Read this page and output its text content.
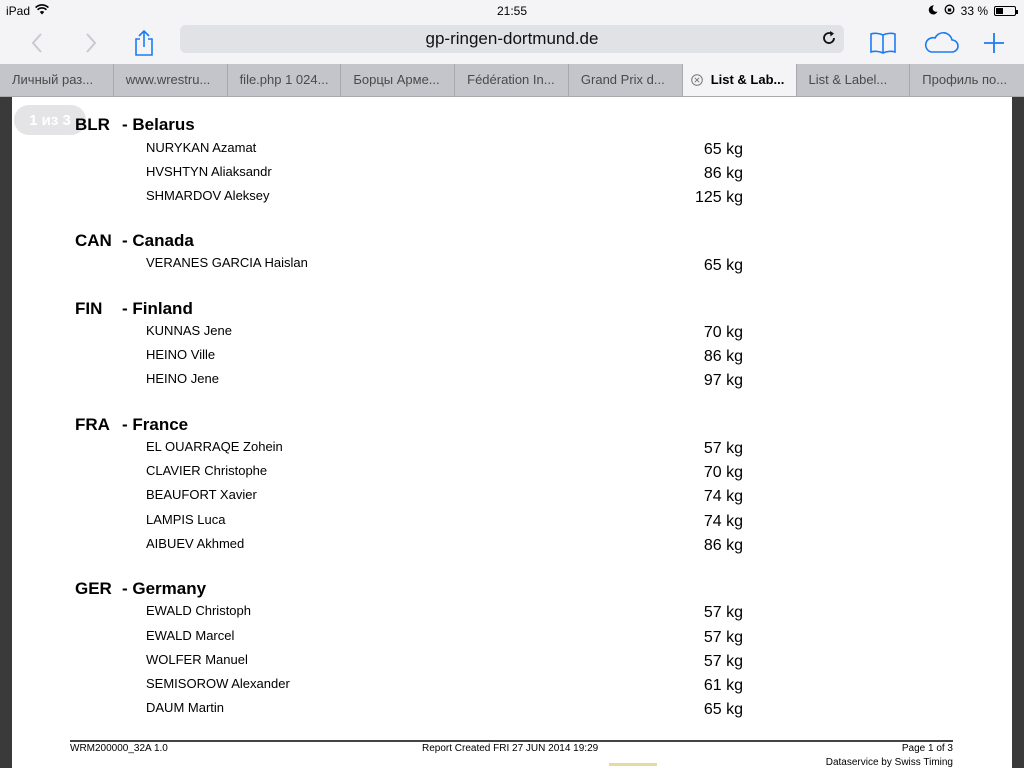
iPad	21:55	33 %
gp-ringen-dortmund.de
Личный раз...	www.wrestru...	file.php 1 024...	Борцы Арме...	Fédération In...	Grand Prix d...	List & Lab...	List & Label...	Профиль по...
1 из 3 BLR - Belarus
NURYKAN Azamat	65 kg
HVSHTYN Aliaksandr	86 kg
SHMARDOV Aleksey	125 kg
CAN - Canada
VERANES GARCIA Haislan	65 kg
FIN - Finland
KUNNAS Jene	70 kg
HEINO Ville	86 kg
HEINO Jene	97 kg
FRA - France
EL OUARRAQE Zohein	57 kg
CLAVIER Christophe	70 kg
BEAUFORT Xavier	74 kg
LAMPIS Luca	74 kg
AIBUEV Akhmed	86 kg
GER - Germany
EWALD Christoph	57 kg
EWALD Marcel	57 kg
WOLFER Manuel	57 kg
SEMISOROW Alexander	61 kg
DAUM Martin	65 kg
WRM200000_32A 1.0	Report Created FRI 27 JUN 2014 19:29	Page 1 of 3
Dataservice by Swiss Timing
